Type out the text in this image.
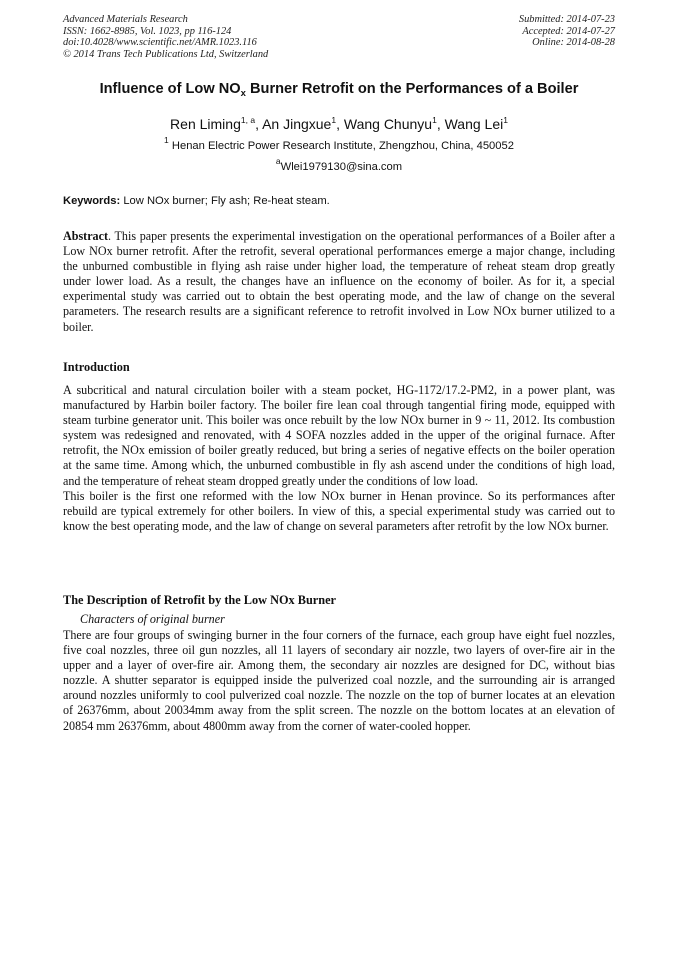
Advanced Materials Research
ISSN: 1662-8985, Vol. 1023, pp 116-124
doi:10.4028/www.scientific.net/AMR.1023.116
© 2014 Trans Tech Publications Ltd, Switzerland
Submitted: 2014-07-23
Accepted: 2014-07-27
Online: 2014-08-28
Influence of Low $NO_x$ Burner Retrofit on the Performances of a Boiler
Ren Liming$^{1, a}$, An Jingxue$^1$, Wang Chunyu$^1$, Wang Lei$^1$
$^1$ Henan Electric Power Research Institute, Zhengzhou, China, 450052
$^a$Wlei1979130@sina.com
Keywords: Low NOx burner; Fly ash; Re-heat steam.
Abstract. This paper presents the experimental investigation on the operational performances of a Boiler after a Low NOx burner retrofit. After the retrofit, several operational performances emerge a major change, including the unburned combustible in flying ash raise under higher load, the temperature of reheat steam drop greatly under lower load. As a result, the changes have an influence on the economy of boiler. As for it, a special experimental study was carried out to obtain the best operating mode, and the law of change on the several parameters. The research results are a significant reference to retrofit involved in Low NOx burner utilized to a boiler.
Introduction

A subcritical and natural circulation boiler with a steam pocket, HG-1172/17.2-PM2, in a power plant, was manufactured by Harbin boiler factory. The boiler fire lean coal through tangential firing mode, equipped with steam turbine generator unit. This boiler was once rebuilt by the low NOx burner in 9 ~ 11, 2012. Its combustion system was redesigned and renovated, with 4 SOFA nozzles added in the upper of the original furnace. After retrofit, the NOx emission of boiler greatly reduced, but bring a series of negative effects on the boiler operation at the same time. Among which, the unburned combustible in fly ash ascend under the conditions of high load, and the temperature of reheat steam dropped greatly under the conditions of low load.

This boiler is the first one reformed with the low NOx burner in Henan province. So its performances after rebuild are typical extremely for other boilers. In view of this, a special experimental study was carried out to know the best operating mode, and the law of change on several parameters after retrofit by the low NOx burner.

The Description of Retrofit by the Low NOx Burner
Characters of original burner
There are four groups of swinging burner in the four corners of the furnace, each group have eight fuel nozzles, five coal nozzles, three oil gun nozzles, all 11 layers of secondary air nozzle, two layers of over-fire air in the upper and a layer of over-fire air. Among them, the secondary air nozzles are designed for DC, without bias nozzle. A shutter separator is equipped inside the pulverized coal nozzle, and the surrounding air is arranged around nozzles uniformly to cool pulverized coal nozzle. The nozzle on the top of burner locates at an elevation of 26376mm, about 20034mm away from the split screen. The nozzle on the bottom locates at an elevation of 20854 mm 26376mm, about 4800mm away from the corner of water-cooled hopper.
